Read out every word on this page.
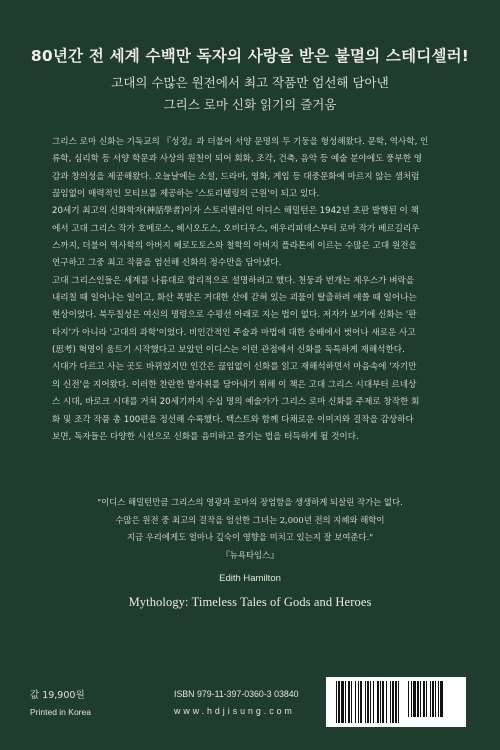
80년간 전 세계 수백만 독자의 사랑을 받은 불멸의 스테디셀러!
고대의 수많은 원전에서 최고 작품만 엄선해 담아낸
그리스 로마 신화 읽기의 즐거움

그리스 로마 신화는 기독교의 『성경』과 더불어 서양 문명의 두 기둥을 형성해왔다. 문학, 역사학, 인

류학, 심리학 등 서양 학문과 사상의 원천이 되어 회화, 조각, 건축, 음악 등 예술 분야에도 풍부한 영

감과 창의성을 제공해왔다. 오늘날에는 소설, 드라마, 영화, 게임 등 대중문화에 마르지 않는 샘처럼

끊임없이 매력적인 모티브를 제공하는 '스토리텔링의 근원'이 되고 있다.

20세기 최고의 신화학자(神話學者)이자 스토리텔러인 이디스 해밀턴은 1942년 초판 발행된 이 책

에서 고대 그리스 작가 호메로스, 헤시오도스, 오비디우스, 에우리피데스부터 로마 작가 베르길리우

스까지, 더불어 역사학의 아버지 헤로도토스와 철학의 아버지 플라톤에 이르는 수많은 고대 원전을

연구하고 그중 최고 작품을 엄선해 신화의 정수만을 담아냈다.

고대 그리스인들은 세계를 나름대로 합리적으로 설명하려고 했다. 천둥과 번개는 제우스가 벼락을

내리칠 때 일어나는 일이고, 화산 폭발은 거대한 산에 갇혀 있는 괴물이 탈출하려 애쓸 때 일어나는

현상이었다. 북두칠성은 여신의 명령으로 수평선 아래로 지는 법이 없다. 저자가 보기에 신화는 '판

타지'가 아니라 '고대의 과학'이었다. 비인간적인 주술과 마법에 대한 숭배에서 벗어나 새로운 사고

(思考) 혁명이 움트기 시작했다고 보았던 이디스는 이런 관점에서 신화를 독특하게 재해석한다.

시대가 다르고 사는 곳도 바뀌었지만 인간은 끊임없이 신화를 읽고 재해석하면서 마음속에 '자기만

의 신전'을 지어왔다. 이러한 찬란한 발자취를 담아내기 위해 이 책은 고대 그리스 시대부터 르네상

스 시대, 바로크 시대를 거쳐 20세기까지 수십 명의 예술가가 그리스 로마 신화를 주제로 창작한 회

화 및 조각 작품 총 100편을 정선해 수록했다. 텍스트와 함께 다채로운 이미지와 걸작을 감상하다

보면, 독자들은 다양한 시선으로 신화를 음미하고 즐기는 법을 터득하게 될 것이다.

"이디스 해밀턴만큼 그리스의 영광과 로마의 장엄함을 생생하게 되살린 작가는 없다.

수많은 원전 중 최고의 걸작을 엄선한 그녀는 2,000년 전의 지혜와 해학이

지금 우리에게도 얼마나 깊숙이 영향을 미치고 있는지 잘 보여준다."

『뉴욕타임스』

Edith Hamilton
Mythology: Timeless Tales of Gods and Heroes
값 19,900원
Printed in Korea
ISBN 979-11-397-0360-3 03840
www.hdjisung.com
